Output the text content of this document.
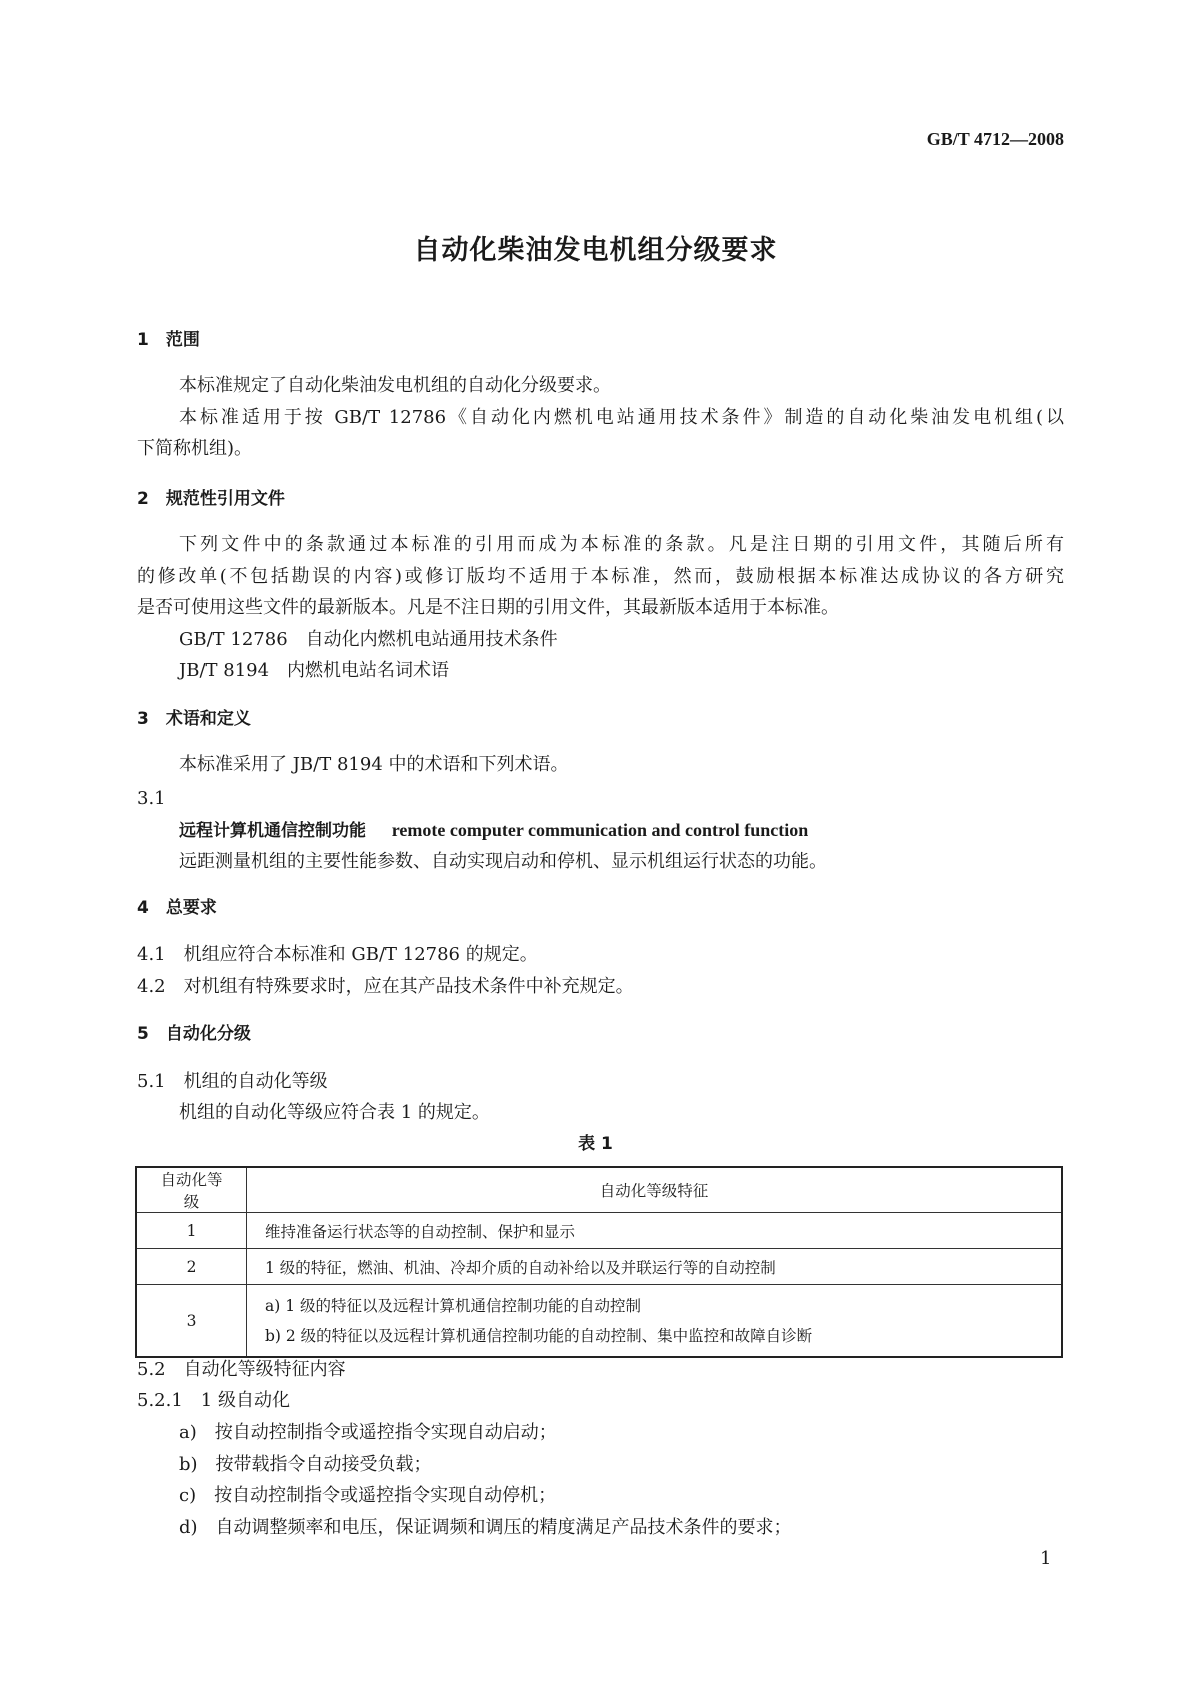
GB/T 4712—2008
自动化柴油发电机组分级要求
1　范围
本标准规定了自动化柴油发电机组的自动化分级要求。
本标准适用于按 GB/T 12786《自动化内燃机电站通用技术条件》制造的自动化柴油发电机组(以
下简称机组)。
2　规范性引用文件
下列文件中的条款通过本标准的引用而成为本标准的条款。凡是注日期的引用文件，其随后所有
的修改单(不包括勘误的内容)或修订版均不适用于本标准，然而，鼓励根据本标准达成协议的各方研究
是否可使用这些文件的最新版本。凡是不注日期的引用文件，其最新版本适用于本标准。
GB/T 12786　自动化内燃机电站通用技术条件
JB/T 8194　内燃机电站名词术语
3　术语和定义
本标准采用了 JB/T 8194 中的术语和下列术语。
3.1
远程计算机通信控制功能 remote computer communication and control function
远距测量机组的主要性能参数、自动实现启动和停机、显示机组运行状态的功能。
4　总要求
4.1　机组应符合本标准和 GB/T 12786 的规定。
4.2　对机组有特殊要求时，应在其产品技术条件中补充规定。
5　自动化分级
5.1　机组的自动化等级
机组的自动化等级应符合表 1 的规定。
表 1
自动化等级	自动化等级特征
1	维持准备运行状态等的自动控制、保护和显示
2	1 级的特征，燃油、机油、冷却介质的自动补给以及并联运行等的自动控制
3	a) 1 级的特征以及远程计算机通信控制功能的自动控制
b) 2 级的特征以及远程计算机通信控制功能的自动控制、集中监控和故障自诊断
5.2　自动化等级特征内容
5.2.1　1 级自动化
a) 按自动控制指令或遥控指令实现自动启动；
b) 按带载指令自动接受负载；
c) 按自动控制指令或遥控指令实现自动停机；
d) 自动调整频率和电压，保证调频和调压的精度满足产品技术条件的要求；
1
